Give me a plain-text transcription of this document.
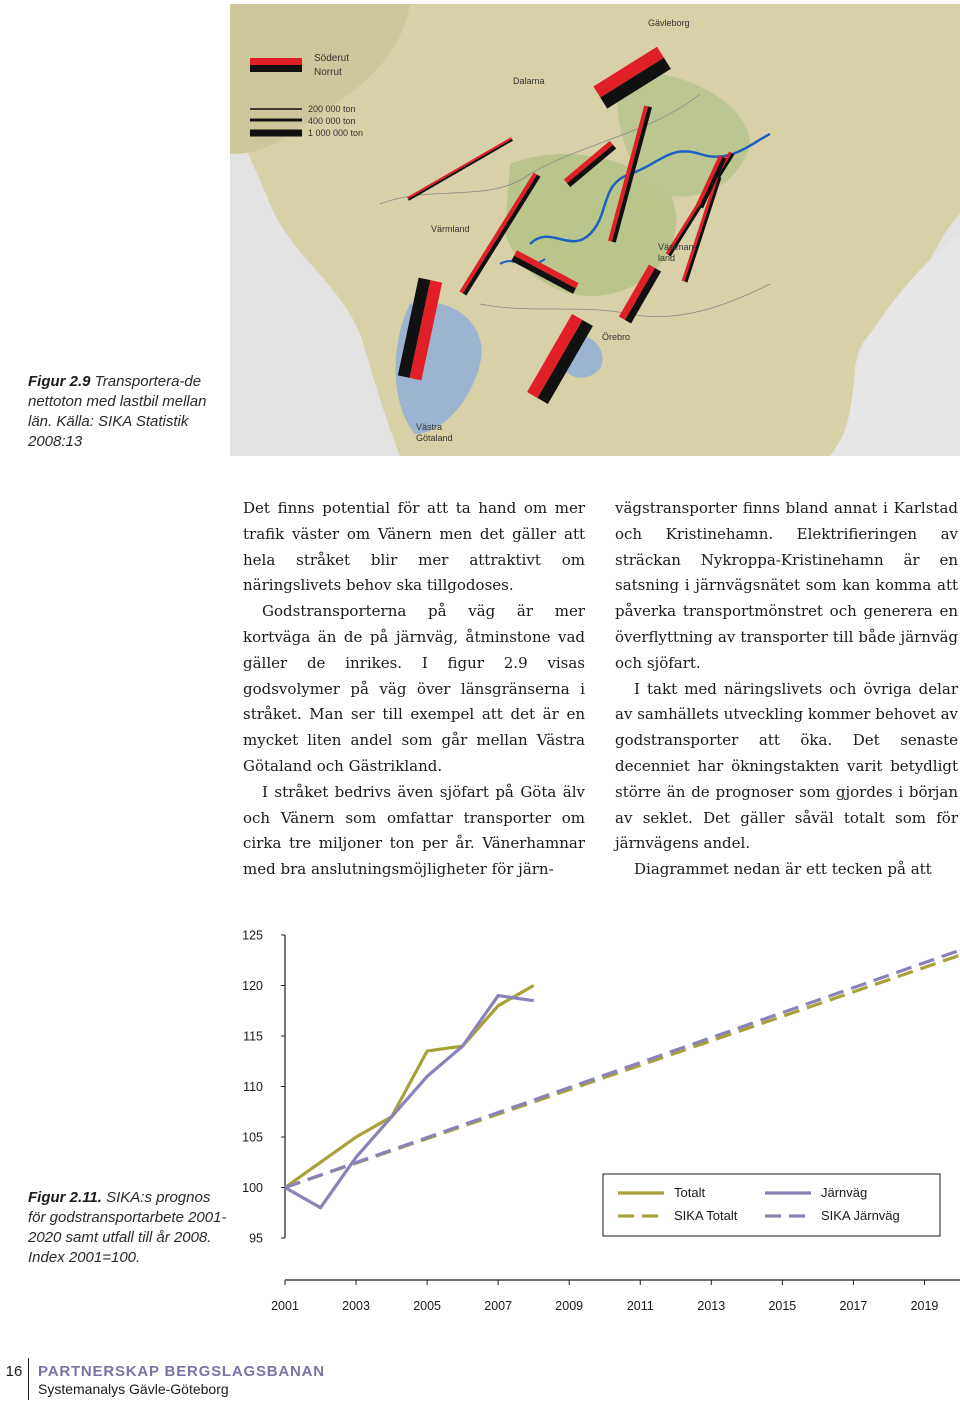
Söderut
Norrut
200 000 ton
400 000 ton
1 000 000 ton
Gävleborg
Dalarna
Värmland
Västman-
land
Örebro
Västra
Götaland
Figur 2.9 Transportera-de nettoton med lastbil mellan län. Källa: SIKA Statistik 2008:13

Det finns potential för att ta hand om mer trafik väster om Vänern men det gäller att hela stråket blir mer attraktivt om näringslivets behov ska tillgodoses.

Godstransporterna på väg är mer kortväga än de på järnväg, åtminstone vad gäller de inrikes. I figur 2.9 visas godsvolymer på väg över länsgränserna i stråket. Man ser till exempel att det är en mycket liten andel som går mellan Västra Götaland och Gästrikland.

I stråket bedrivs även sjöfart på Göta älv och Vänern som omfattar transporter om cirka tre miljoner ton per år. Vänerhamnar med bra anslutningsmöjligheter för järn-

vägstransporter finns bland annat i Karlstad och Kristinehamn. Elektrifieringen av sträckan Nykroppa-Kristinehamn är en satsning i järnvägsnätet som kan komma att påverka transportmönstret och generera en överflyttning av transporter till både järnväg och sjöfart.

I takt med näringslivets och övriga delar av samhällets utveckling kommer behovet av godstransporter att öka. Det senaste decenniet har ökningstakten varit betydligt större än de prognoser som gjordes i början av seklet. Det gäller såväl totalt som för järnvägens andel.

Diagrammet nedan är ett tecken på att

Figur 2.11. SIKA:s prognos för godstransportarbete 2001-2020 samt utfall till år 2008. Index 2001=100.
95
100
105
110
115
120
125
2001	2003	2005	2007	2009	2011	2013	2015	2017	2019
Totalt	Järnväg
SIKA Totalt	SIKA Järnväg
16	PARTNERSKAP BERGSLAGSBANAN
Systemanalys Gävle-Göteborg
